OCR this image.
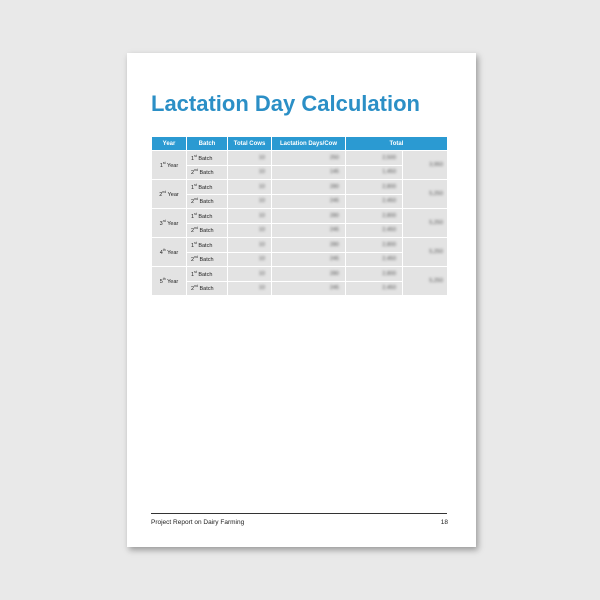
Lactation Day Calculation
Year	Batch	Total Cows	Lactation Days/Cow	Total	
1st Year	1st Batch	10	250	2,500	3,950
	2nd Batch	10	145	1,450	
2nd Year	1st Batch	10	280	2,800	5,250
	2nd Batch	10	245	2,450	
3rd Year	1st Batch	10	280	2,800	5,250
	2nd Batch	10	245	2,450	
4th Year	1st Batch	10	280	2,800	5,250
	2nd Batch	10	245	2,450	
5th Year	1st Batch	10	280	2,800	5,250
	2nd Batch	10	245	2,450	
Project Report on Dairy Farming	18
